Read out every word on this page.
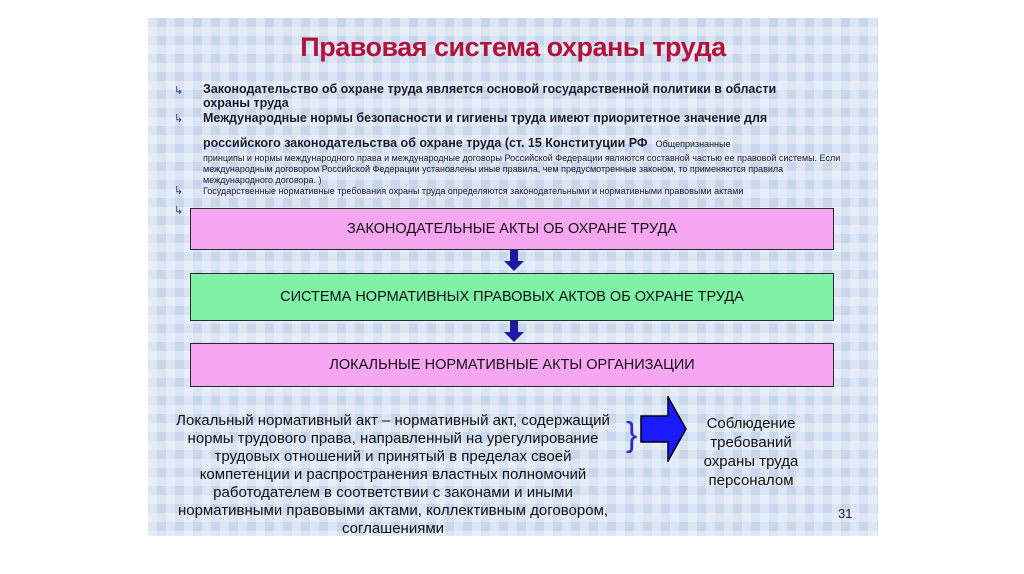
Правовая система охраны труда
↳ Законодательство об охране труда является основой государственной политики в области охраны труда
↳ Международные нормы безопасности и гигиены труда имеют приоритетное значение для
российского законодательства об охране труда (ст. 15 Конституции РФ Общепризнанные
принципы и нормы международного права и международные договоры Российской Федерации являются составной частью ее правовой системы. Если международным договором Российской Федерации установлены иные правила, чем предусмотренные законом, то применяются правила международного договора. )
↳ Государственные нормативные требования охраны труда определяются законодательными и нормативными правовыми актами
↳
ЗАКОНОДАТЕЛЬНЫЕ АКТЫ ОБ ОХРАНЕ ТРУДА
СИСТЕМА НОРМАТИВНЫХ ПРАВОВЫХ АКТОВ ОБ ОХРАНЕ ТРУДА
ЛОКАЛЬНЫЕ НОРМАТИВНЫЕ АКТЫ ОРГАНИЗАЦИИ
Локальный нормативный акт – нормативный акт, содержащий нормы трудового права, направленный на урегулирование трудовых отношений и принятый в пределах своей компетенции и распространения властных полномочий работодателем в соответствии с законами и иными нормативными правовыми актами, коллективным договором, соглашениями
}	Соблюдение требований охраны труда персоналом
31
